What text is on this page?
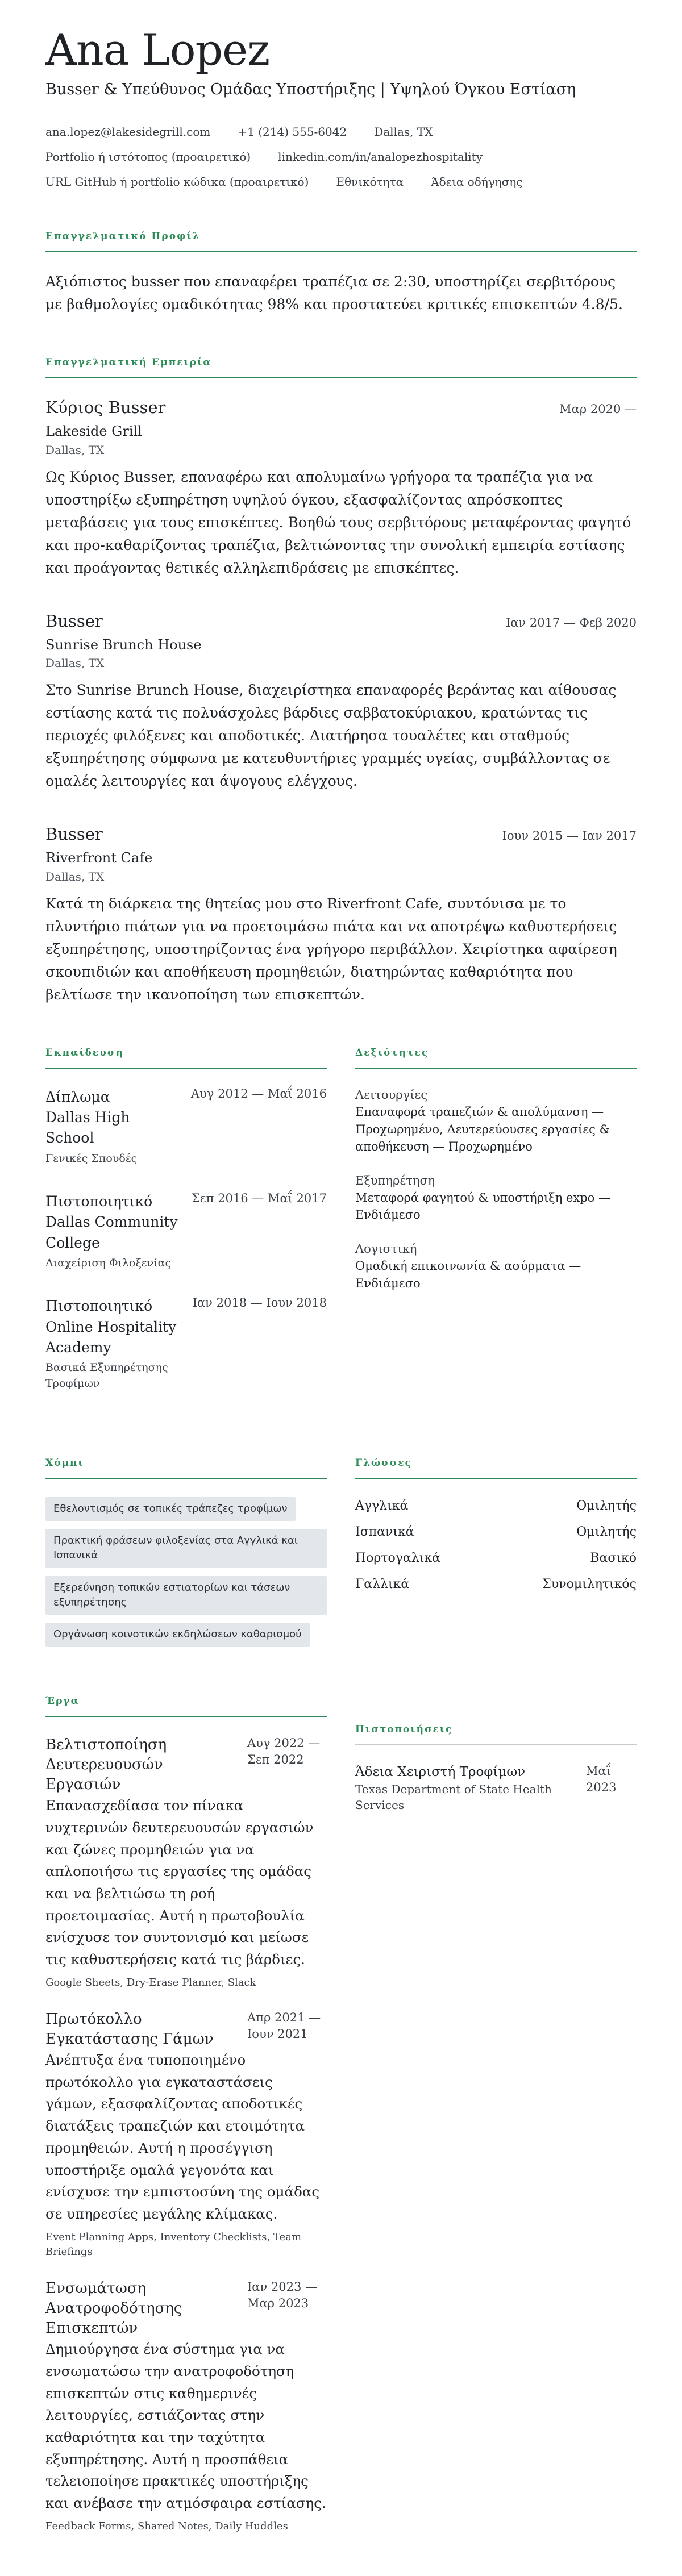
Ana Lopez
Busser & Υπεύθυνος Ομάδας Υποστήριξης | Υψηλού Όγκου Εστίαση
ana.lopez@lakesidegrill.com +1 (214) 555-6042 Dallas, TX
Portfolio ή ιστότοπος (προαιρετικό) linkedin.com/in/analopezhospitality
URL GitHub ή portfolio κώδικα (προαιρετικό) Εθνικότητα Άδεια οδήγησης
Επαγγελματικό Προφίλ

Αξιόπιστος busser που επαναφέρει τραπέζια σε 2:30, υποστηρίζει σερβιτόρους με βαθμολογίες ομαδικότητας 98% και προστατεύει κριτικές επισκεπτών 4.8/5.

Επαγγελματική Εμπειρία
Κύριος Busser	Μαρ 2020 —
Lakeside Grill
Dallas, TX

Ως Κύριος Busser, επαναφέρω και απολυμαίνω γρήγορα τα τραπέζια για να υποστηρίξω εξυπηρέτηση υψηλού όγκου, εξασφαλίζοντας απρόσκοπτες μεταβάσεις για τους επισκέπτες. Βοηθώ τους σερβιτόρους μεταφέροντας φαγητό και προ-καθαρίζοντας τραπέζια, βελτιώνοντας την συνολική εμπειρία εστίασης και προάγοντας θετικές αλληλεπιδράσεις με επισκέπτες.

Busser	Ιαν 2017 — Φεβ 2020
Sunrise Brunch House
Dallas, TX

Στο Sunrise Brunch House, διαχειρίστηκα επαναφορές βεράντας και αίθουσας εστίασης κατά τις πολυάσχολες βάρδιες σαββατοκύριακου, κρατώντας τις περιοχές φιλόξενες και αποδοτικές. Διατήρησα τουαλέτες και σταθμούς εξυπηρέτησης σύμφωνα με κατευθυντήριες γραμμές υγείας, συμβάλλοντας σε ομαλές λειτουργίες και άψογους ελέγχους.

Busser	Ιουν 2015 — Ιαν 2017
Riverfront Cafe
Dallas, TX

Κατά τη διάρκεια της θητείας μου στο Riverfront Cafe, συντόνισα με το πλυντήριο πιάτων για να προετοιμάσω πιάτα και να αποτρέψω καθυστερήσεις εξυπηρέτησης, υποστηρίζοντας ένα γρήγορο περιβάλλον. Χειρίστηκα αφαίρεση σκουπιδιών και αποθήκευση προμηθειών, διατηρώντας καθαριότητα που βελτίωσε την ικανοποίηση των επισκεπτών.

Εκπαίδευση
Δίπλωμα
Dallas High School
Αυγ 2012 — Μαΐ 2016
Γενικές Σπουδές
Πιστοποιητικό
Dallas Community College
Σεπ 2016 — Μαΐ 2017
Διαχείριση Φιλοξενίας
Πιστοποιητικό
Online Hospitality Academy
Ιαν 2018 — Ιουν 2018
Βασικά Εξυπηρέτησης Τροφίμων
Δεξιότητες
Λειτουργίες
Επαναφορά τραπεζιών & απολύμανση — Προχωρημένο, Δευτερεύουσες εργασίες & αποθήκευση — Προχωρημένο
Εξυπηρέτηση
Μεταφορά φαγητού & υποστήριξη expo — Ενδιάμεσο
Λογιστική
Ομαδική επικοινωνία & ασύρματα — Ενδιάμεσο
Χόμπι
Εθελοντισμός σε τοπικές τράπεζες τροφίμων
Πρακτική φράσεων φιλοξενίας στα Αγγλικά και Ισπανικά
Εξερεύνηση τοπικών εστιατορίων και τάσεων εξυπηρέτησης
Οργάνωση κοινοτικών εκδηλώσεων καθαρισμού
Γλώσσες
Αγγλικά	Ομιλητής
Ισπανικά	Ομιλητής
Πορτογαλικά	Βασικό
Γαλλικά	Συνομιλητικός
Έργα
Βελτιστοποίηση Δευτερευουσών Εργασιών
Αυγ 2022 — Σεπ 2022

Επανασχεδίασα τον πίνακα νυχτερινών δευτερευουσών εργασιών και ζώνες προμηθειών για να απλοποιήσω τις εργασίες της ομάδας και να βελτιώσω τη ροή προετοιμασίας. Αυτή η πρωτοβουλία ενίσχυσε τον συντονισμό και μείωσε τις καθυστερήσεις κατά τις βάρδιες.

Google Sheets, Dry-Erase Planner, Slack
Πρωτόκολλο Εγκατάστασης Γάμων
Απρ 2021 — Ιουν 2021

Ανέπτυξα ένα τυποποιημένο πρωτόκολλο για εγκαταστάσεις γάμων, εξασφαλίζοντας αποδοτικές διατάξεις τραπεζιών και ετοιμότητα προμηθειών. Αυτή η προσέγγιση υποστήριξε ομαλά γεγονότα και ενίσχυσε την εμπιστοσύνη της ομάδας σε υπηρεσίες μεγάλης κλίμακας.

Event Planning Apps, Inventory Checklists, Team Briefings
Ενσωμάτωση Ανατροφοδότησης Επισκεπτών
Ιαν 2023 — Μαρ 2023

Δημιούργησα ένα σύστημα για να ενσωματώσω την ανατροφοδότηση επισκεπτών στις καθημερινές λειτουργίες, εστιάζοντας στην καθαριότητα και την ταχύτητα εξυπηρέτησης. Αυτή η προσπάθεια τελειοποίησε πρακτικές υποστήριξης και ανέβασε την ατμόσφαιρα εστίασης.

Feedback Forms, Shared Notes, Daily Huddles
Πιστοποιήσεις
Άδεια Χειριστή Τροφίμων
Texas Department of State Health Services
Μαΐ 2023
